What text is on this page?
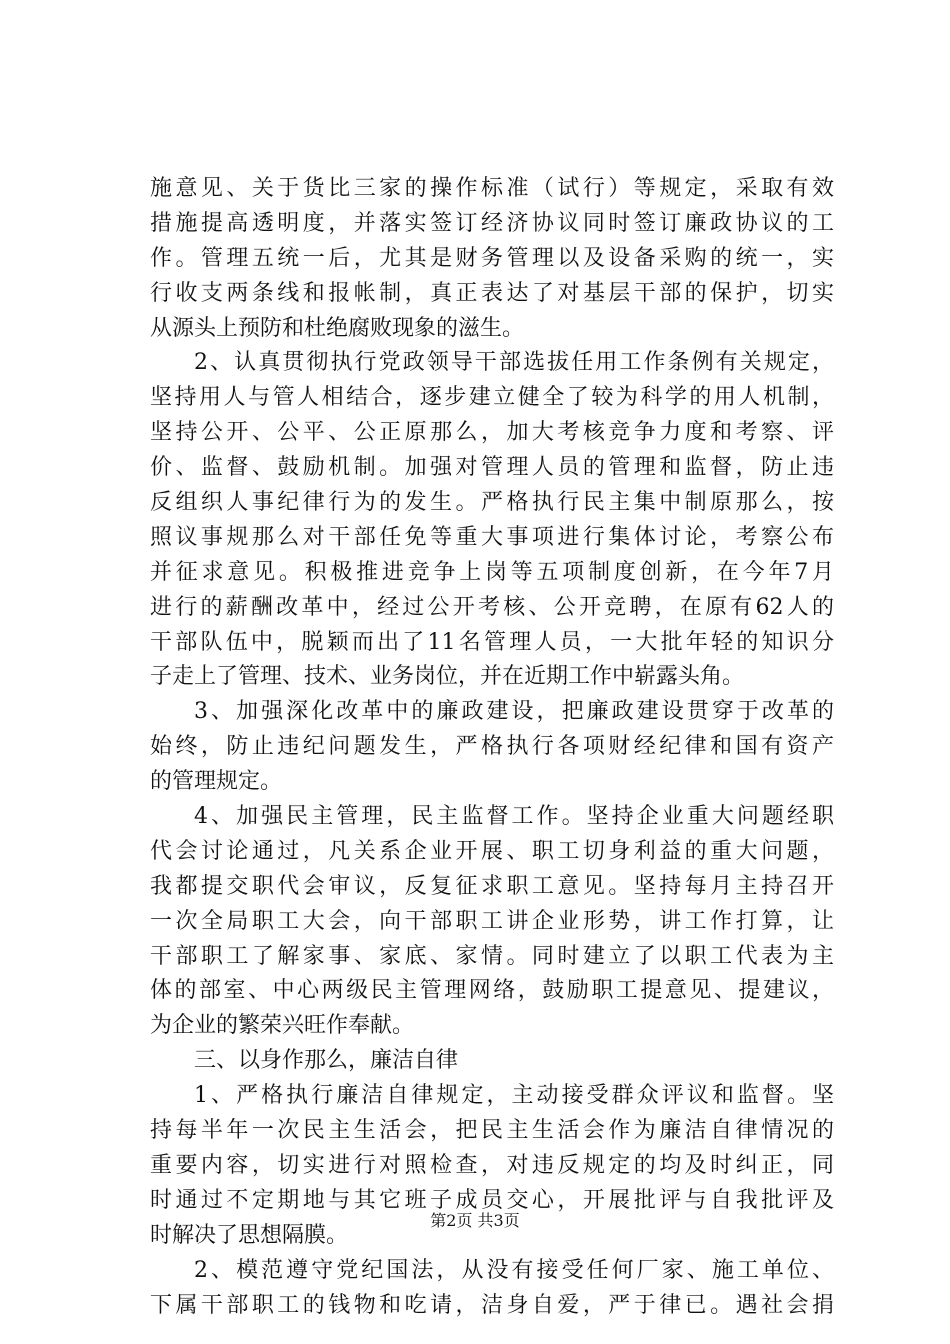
施意见、关于货比三家的操作标准（试行）等规定，采取有效
措施提高透明度，并落实签订经济协议同时签订廉政协议的工
作。管理五统一后，尤其是财务管理以及设备采购的统一，实
行收支两条线和报帐制，真正表达了对基层干部的保护，切实
从源头上预防和杜绝腐败现象的滋生。
2、认真贯彻执行党政领导干部选拔任用工作条例有关规定，
坚持用人与管人相结合，逐步建立健全了较为科学的用人机制，
坚持公开、公平、公正原那么，加大考核竞争力度和考察、评
价、监督、鼓励机制。加强对管理人员的管理和监督，防止违
反组织人事纪律行为的发生。严格执行民主集中制原那么，按
照议事规那么对干部任免等重大事项进行集体讨论，考察公布
并征求意见。积极推进竞争上岗等五项制度创新，在今年7月
进行的薪酬改革中，经过公开考核、公开竞聘，在原有62人的
干部队伍中，脱颖而出了11名管理人员，一大批年轻的知识分
子走上了管理、技术、业务岗位，并在近期工作中崭露头角。
3、加强深化改革中的廉政建设，把廉政建设贯穿于改革的
始终，防止违纪问题发生，严格执行各项财经纪律和国有资产
的管理规定。
4、加强民主管理，民主监督工作。坚持企业重大问题经职
代会讨论通过，凡关系企业开展、职工切身利益的重大问题，
我都提交职代会审议，反复征求职工意见。坚持每月主持召开
一次全局职工大会，向干部职工讲企业形势，讲工作打算，让
干部职工了解家事、家底、家情。同时建立了以职工代表为主
体的部室、中心两级民主管理网络，鼓励职工提意见、提建议，
为企业的繁荣兴旺作奉献。
三、以身作那么，廉洁自律
1、严格执行廉洁自律规定，主动接受群众评议和监督。坚
持每半年一次民主生活会，把民主生活会作为廉洁自律情况的
重要内容，切实进行对照检查，对违反规定的均及时纠正，同
时通过不定期地与其它班子成员交心，开展批评与自我批评及
时解决了思想隔膜。
2、模范遵守党纪国法，从没有接受任何厂家、施工单位、
下属干部职工的钱物和吃请，洁身自爱，严于律已。遇社会捐
第2页 共3页
